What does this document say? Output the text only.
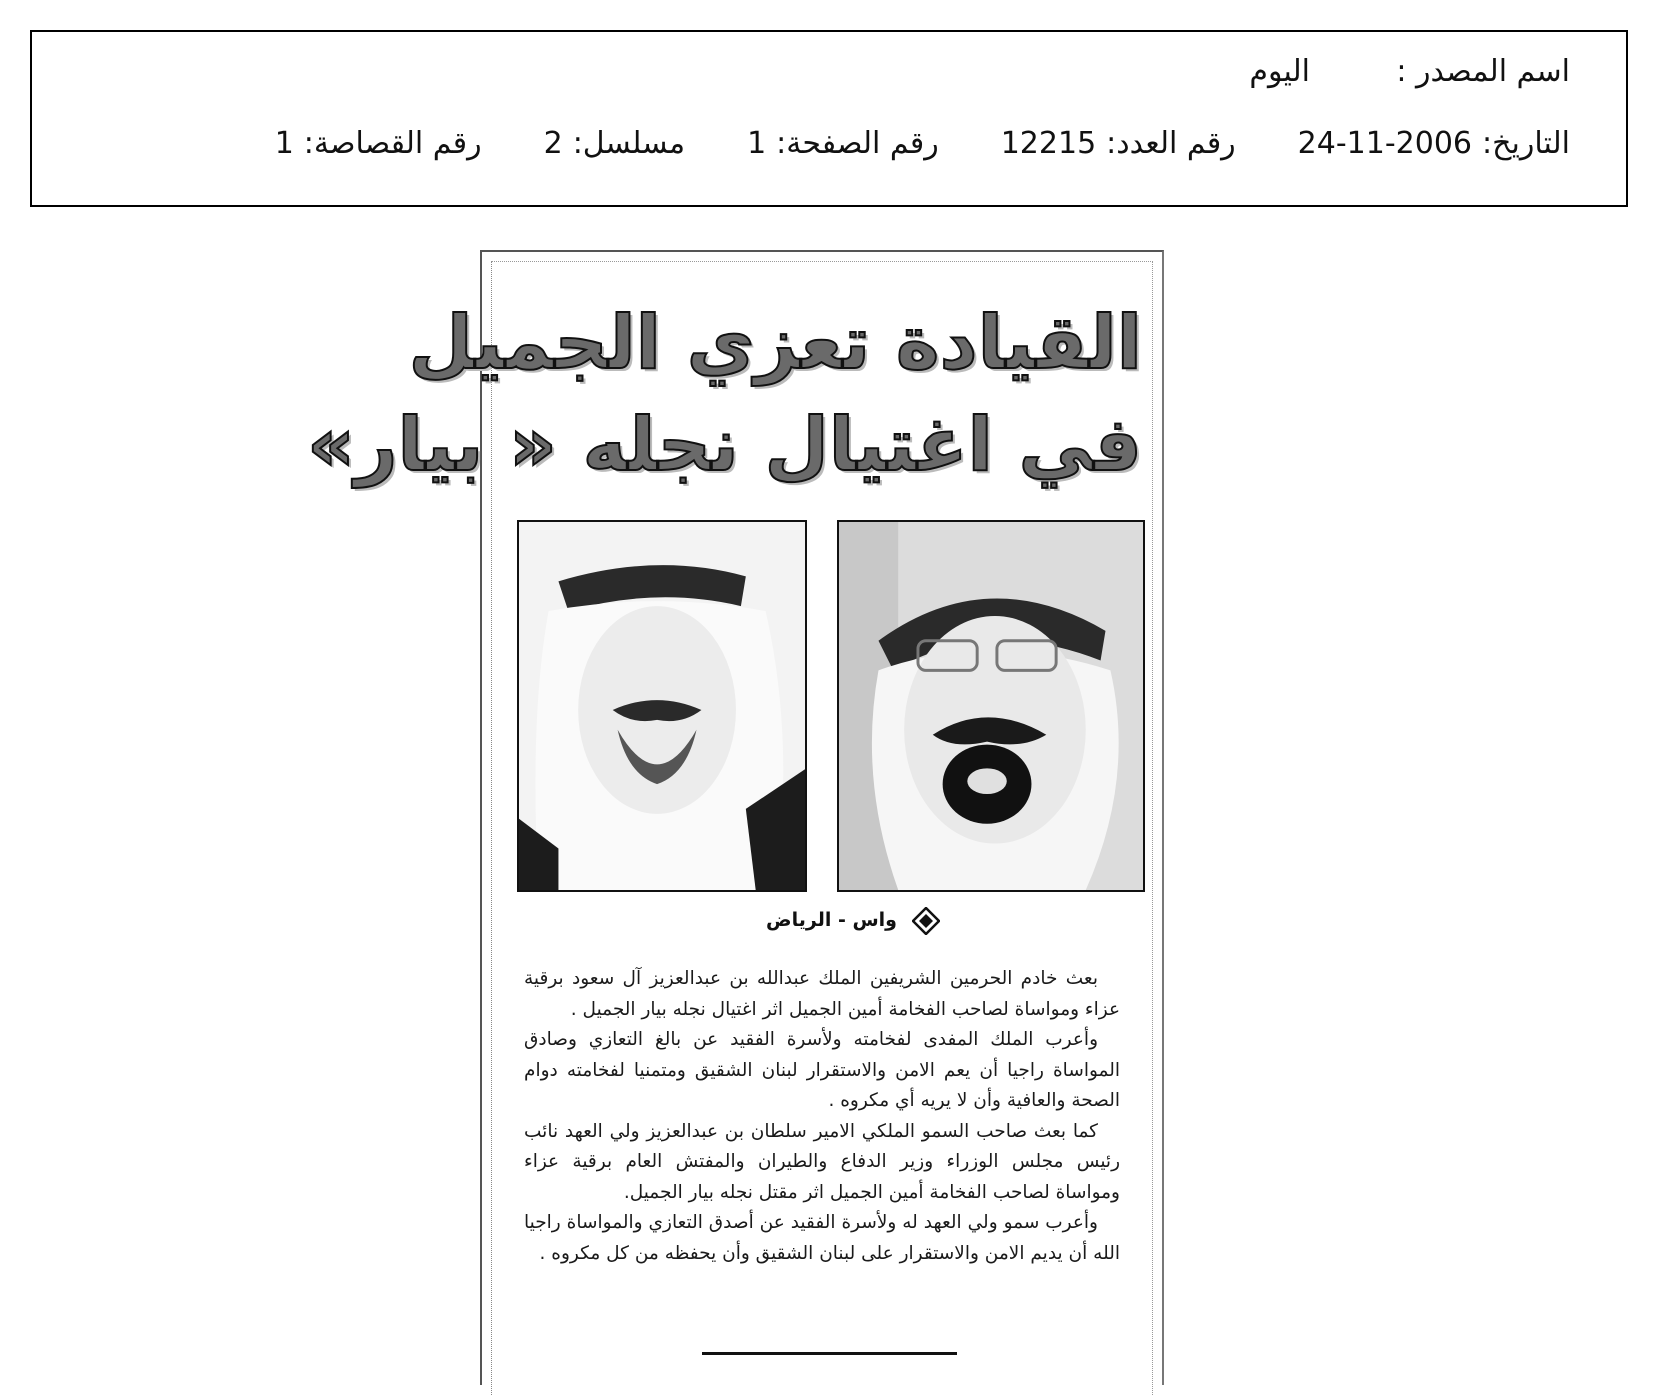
اسم المصدر :
اليوم
التاريخ:
24-11-2006
رقم العدد:
12215
رقم الصفحة:
1
مسلسل:
2
رقم القصاصة:
1
القيادة تعزي الجميل
في اغتيال نجله « بيار»
واس - الرياض

بعث خادم الحرمين الشريفين الملك عبدالله بن عبدالعزيز آل سعود برقية عزاء ومواساة لصاحب الفخامة أمين الجميل اثر اغتيال نجله بيار الجميل .

وأعرب الملك المفدى لفخامته ولأسرة الفقيد عن بالغ التعازي وصادق المواساة راجيا أن يعم الامن والاستقرار لبنان الشقيق ومتمنيا لفخامته دوام الصحة والعافية وأن لا يريه أي مكروه .

كما بعث صاحب السمو الملكي الامير سلطان بن عبدالعزيز ولي العهد نائب رئيس مجلس الوزراء وزير الدفاع والطيران والمفتش العام برقية عزاء ومواساة لصاحب الفخامة أمين الجميل اثر مقتل نجله بيار الجميل.

وأعرب سمو ولي العهد له ولأسرة الفقيد عن أصدق التعازي والمواساة راجيا الله أن يديم الامن والاستقرار على لبنان الشقيق وأن يحفظه من كل مكروه .
